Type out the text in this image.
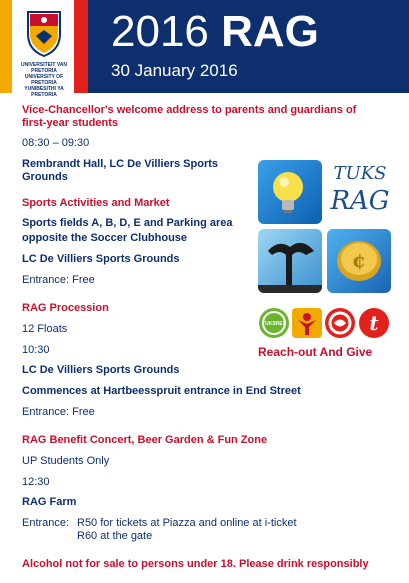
UNIVERSITEIT VAN PRETORIA
UNIVERSITY OF PRETORIA
YUNIBESITHI YA PRETORIA
2016 RAG
30 January 2016
Vice-Chancellor's welcome address to parents and guardians of
first-year students
08:30 – 09:30
Rembrandt Hall, LC De Villiers Sports
Grounds
Sports Activities and Market
Sports fields A, B, D, E and Parking area
opposite the Soccer Clubhouse
LC De Villiers Sports Grounds
Entrance: Free
RAG Procession
12 Floats
10:30
LC De Villiers Sports Grounds
Commences at Hartbeesspruit entrance in End Street
Entrance: Free
RAG Benefit Concert, Beer Garden & Fun Zone
UP Students Only
12:30
RAG Farm
Entrance: R50 for tickets at Piazza and online at i-ticket
R60 at the gate
Alcohol not for sale to persons under 18. Please drink responsibly
TUKS
RAG
¢
TUKSRES	t
Reach-out And Give
